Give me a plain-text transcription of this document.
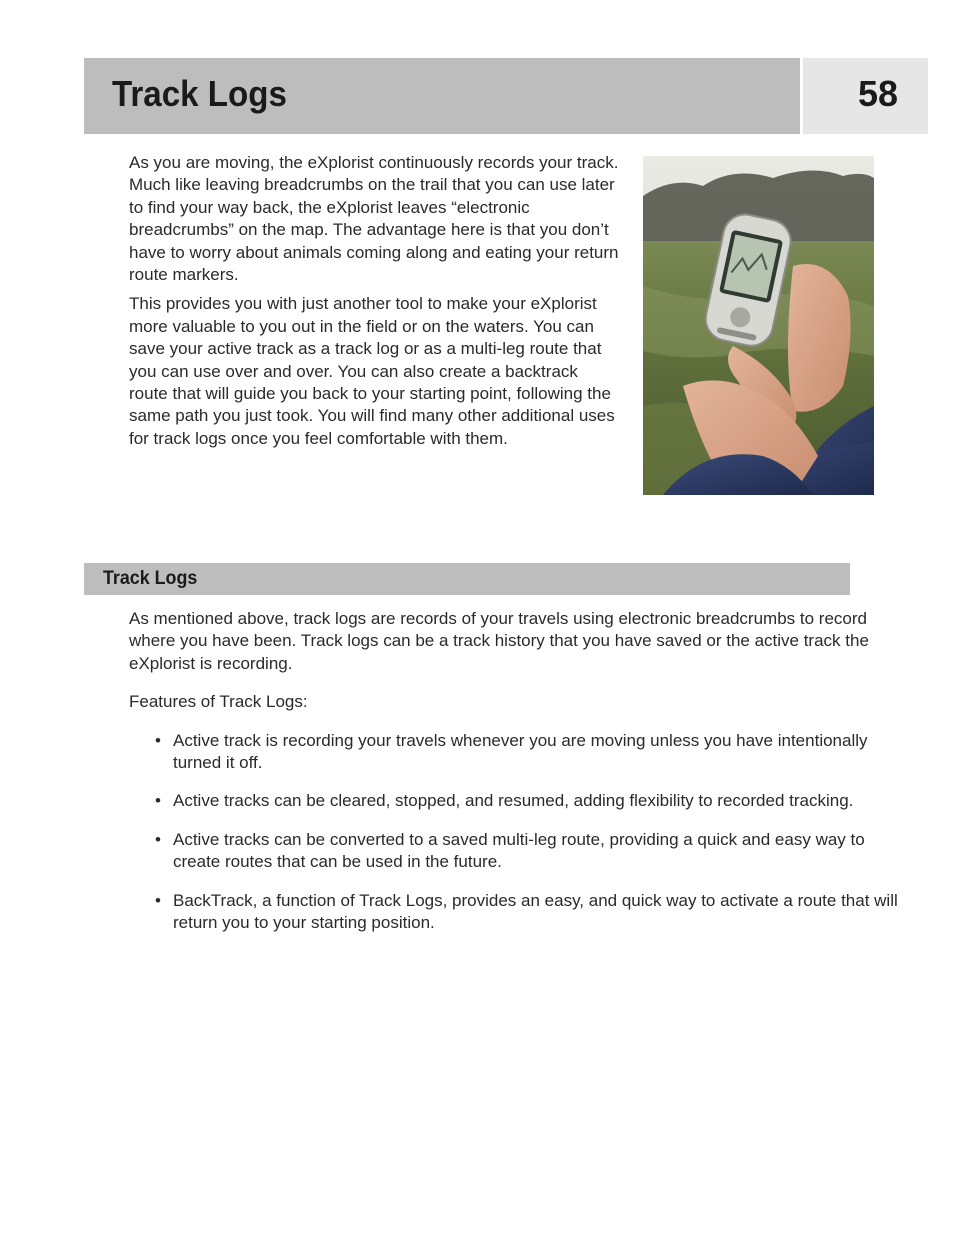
Track Logs	58

As you are moving, the eXplorist continuously records your track. Much like leaving breadcrumbs on the trail that you can use later to find your way back, the eXplorist leaves “electronic breadcrumbs” on the map. The advantage here is that you don’t have to worry about animals coming along and eating your return route markers.

This provides you with just another tool to make your eXplorist more valuable to you out in the field or on the waters. You can save your active track as a track log or as a multi-leg route that you can use over and over. You can also create a backtrack route that will guide you back to your starting point, following the same path you just took. You will find many other additional uses for track logs once you feel comfortable with them.

Track Logs

As mentioned above, track logs are records of your travels using electronic breadcrumbs to record where you have been. Track logs can be a track history that you have saved or the active track the eXplorist is recording.

Features of Track Logs:

• Active track is recording your travels whenever you are moving unless you have intentionally turned it off.
• Active tracks can be cleared, stopped, and resumed, adding flexibility to recorded tracking.
• Active tracks can be converted to a saved multi-leg route, providing a quick and easy way to create routes that can be used in the future.
• BackTrack, a function of Track Logs, provides an easy, and quick way to activate a route that will return you to your starting position.
